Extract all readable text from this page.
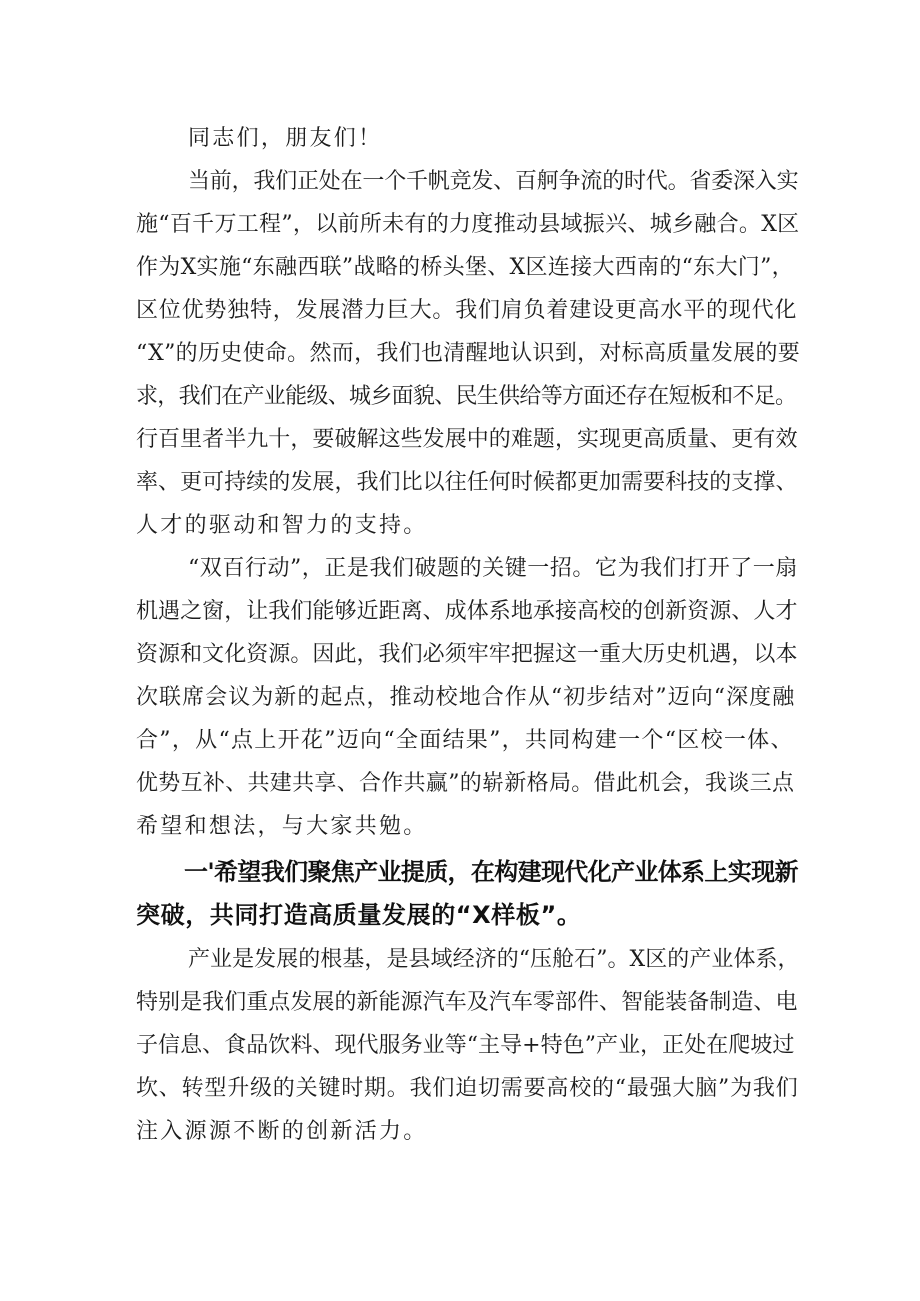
同志们，朋友们！
当前，我们正处在一个千帆竞发、百舸争流的时代。省委深入实
施“百千万工程”，以前所未有的力度推动县域振兴、城乡融合。X区
作为X实施“东融西联”战略的桥头堡、X区连接大西南的“东大门”，
区位优势独特，发展潜力巨大。我们肩负着建设更高水平的现代化
“X”的历史使命。然而，我们也清醒地认识到，对标高质量发展的要
求，我们在产业能级、城乡面貌、民生供给等方面还存在短板和不足。
行百里者半九十，要破解这些发展中的难题，实现更高质量、更有效
率、更可持续的发展，我们比以往任何时候都更加需要科技的支撑、
人才的驱动和智力的支持。
“双百行动”，正是我们破题的关键一招。它为我们打开了一扇
机遇之窗，让我们能够近距离、成体系地承接高校的创新资源、人才
资源和文化资源。因此，我们必须牢牢把握这一重大历史机遇，以本
次联席会议为新的起点，推动校地合作从“初步结对”迈向“深度融
合”，从“点上开花”迈向“全面结果”，共同构建一个“区校一体、
优势互补、共建共享、合作共赢”的崭新格局。借此机会，我谈三点
希望和想法，与大家共勉。
一'希望我们聚焦产业提质，在构建现代化产业体系上实现新
突破，共同打造高质量发展的“X样板”。
产业是发展的根基，是县域经济的“压舱石”。X区的产业体系，
特别是我们重点发展的新能源汽车及汽车零部件、智能装备制造、电
子信息、食品饮料、现代服务业等“主导+特色”产业，正处在爬坡过
坎、转型升级的关键时期。我们迫切需要高校的“最强大脑”为我们
注入源源不断的创新活力。
